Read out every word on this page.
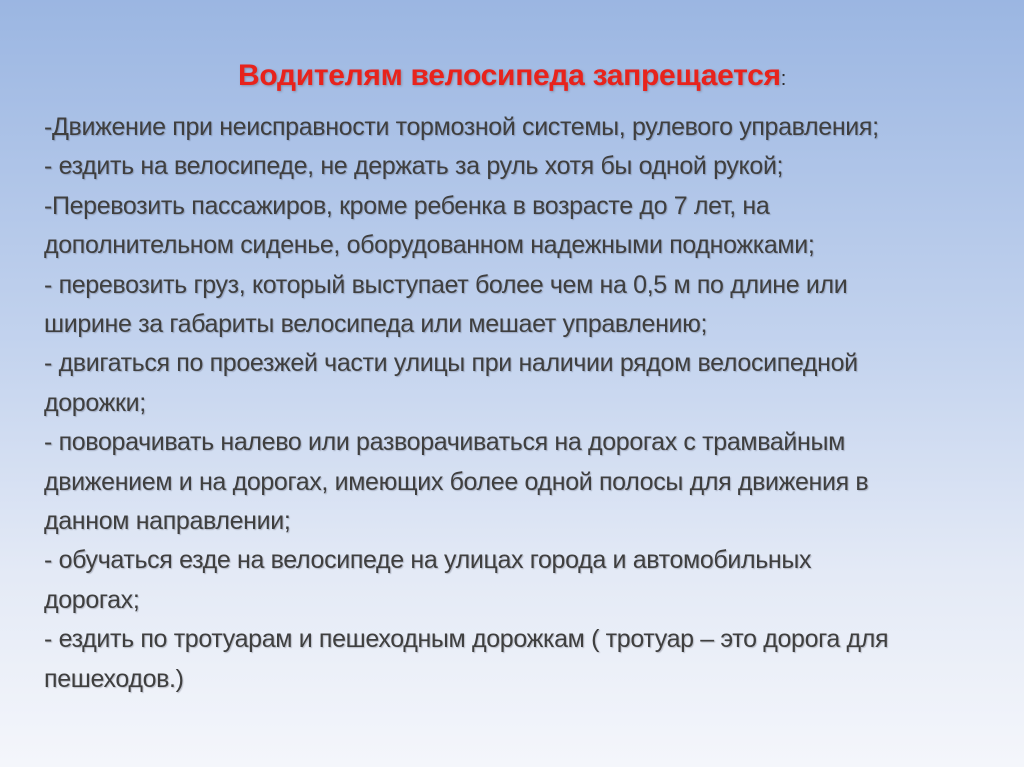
Водителям велосипеда запрещается:
-Движение при неисправности тормозной системы, рулевого управления;
- ездить на велосипеде, не держать за руль хотя бы одной рукой;
-Перевозить пассажиров, кроме ребенка в возрасте до 7 лет, на
дополнительном сиденье, оборудованном надежными подножками;
- перевозить груз, который выступает более чем на 0,5 м по длине или
ширине за габариты велосипеда или мешает управлению;
- двигаться по проезжей части улицы при наличии рядом велосипедной
дорожки;
- поворачивать налево или разворачиваться на дорогах с трамвайным
движением и на дорогах, имеющих более одной полосы для движения в
данном направлении;
- обучаться езде на велосипеде на улицах города и автомобильных
дорогах;
- ездить по тротуарам и пешеходным дорожкам ( тротуар – это дорога для
пешеходов.)
